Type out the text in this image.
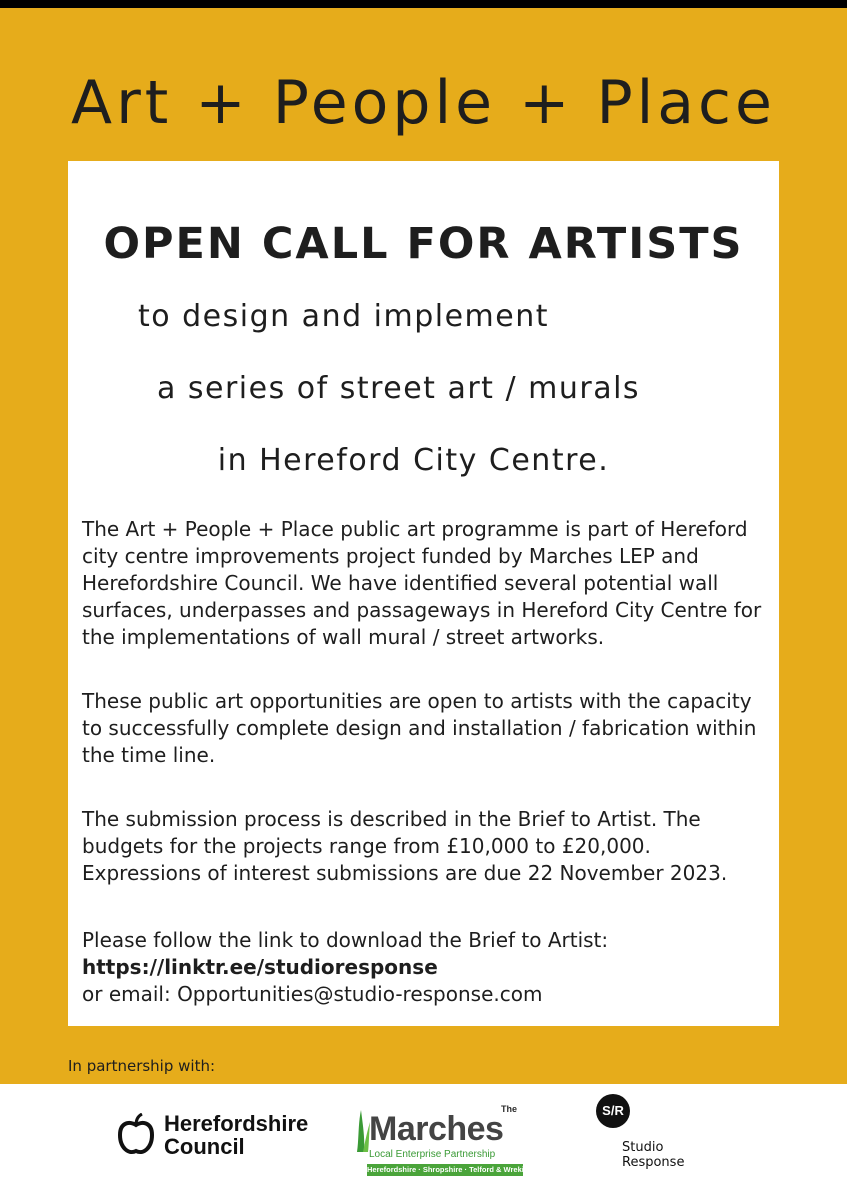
Art + People + Place
OPEN CALL FOR ARTISTS

to design and implement

a series of street art / murals

in Hereford City Centre.

The Art + People + Place public art programme is part of Hereford city centre improvements project funded by Marches LEP and Herefordshire Council. We have identified several potential wall surfaces, underpasses and passageways in Hereford City Centre for the implementations of wall mural / street artworks.

These public art opportunities are open to artists with the capacity to successfully complete design and installation / fabrication within the time line.

The submission process is described in the Brief to Artist. The budgets for the projects range from £10,000 to £20,000. Expressions of interest submissions are due 22 November 2023.

Please follow the link to download the Brief to Artist:
https://linktr.ee/studioresponse
or email: Opportunities@studio-response.com

In partnership with:

Herefordshire
Council
The
Marches
Local Enterprise Partnership
Herefordshire · Shropshire · Telford & Wrekin
S/R
Studio
Response
